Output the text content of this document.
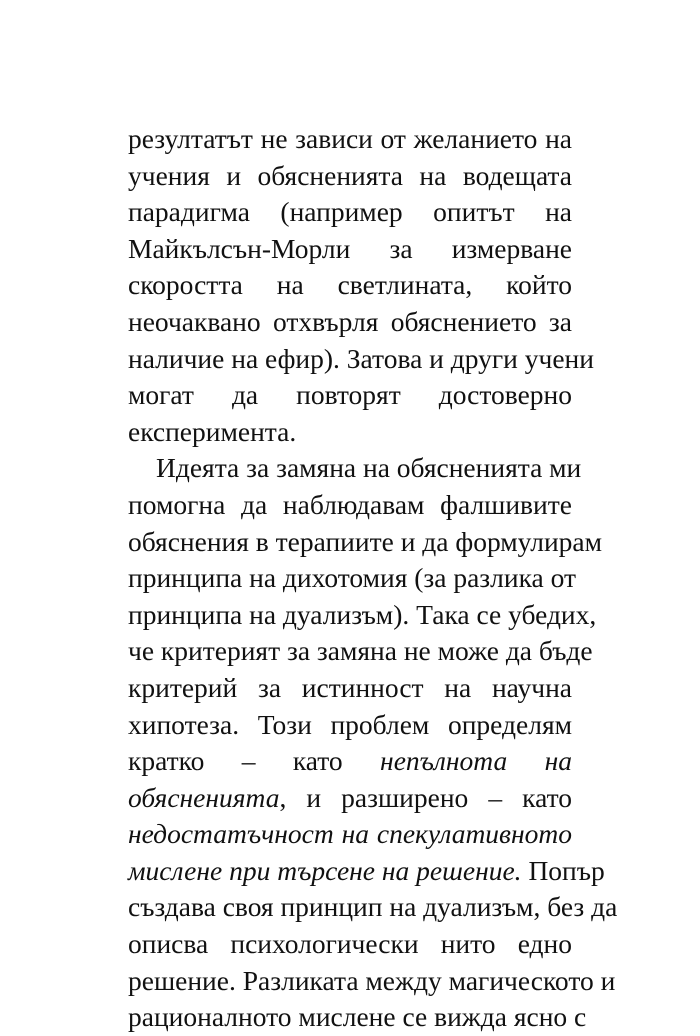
резултатът не зависи от желанието на
учения и обясненията на водещата
парадигма (например опитът на
Майкълсън-Морли за измерване
скоростта на светлината, който
неочаквано отхвърля обяснението за
наличие на ефир). Затова и други учени
могат да повторят достоверно
експеримента.
Идеята за замяна на обясненията ми
помогна да наблюдавам фалшивите
обяснения в терапиите и да формулирам
принципа на дихотомия (за разлика от
принципа на дуализъм). Така се убедих,
че критерият за замяна не може да бъде
критерий за истинност на научна
хипотеза. Този проблем определям
кратко – като непълнота на
обясненията, и разширено – като
недостатъчност на спекулативното
мислене при търсене на решение. Попър
създава своя принцип на дуализъм, без да
описва психологически нито едно
решение. Разликата между магическото и
рационалното мислене се вижда ясно с
